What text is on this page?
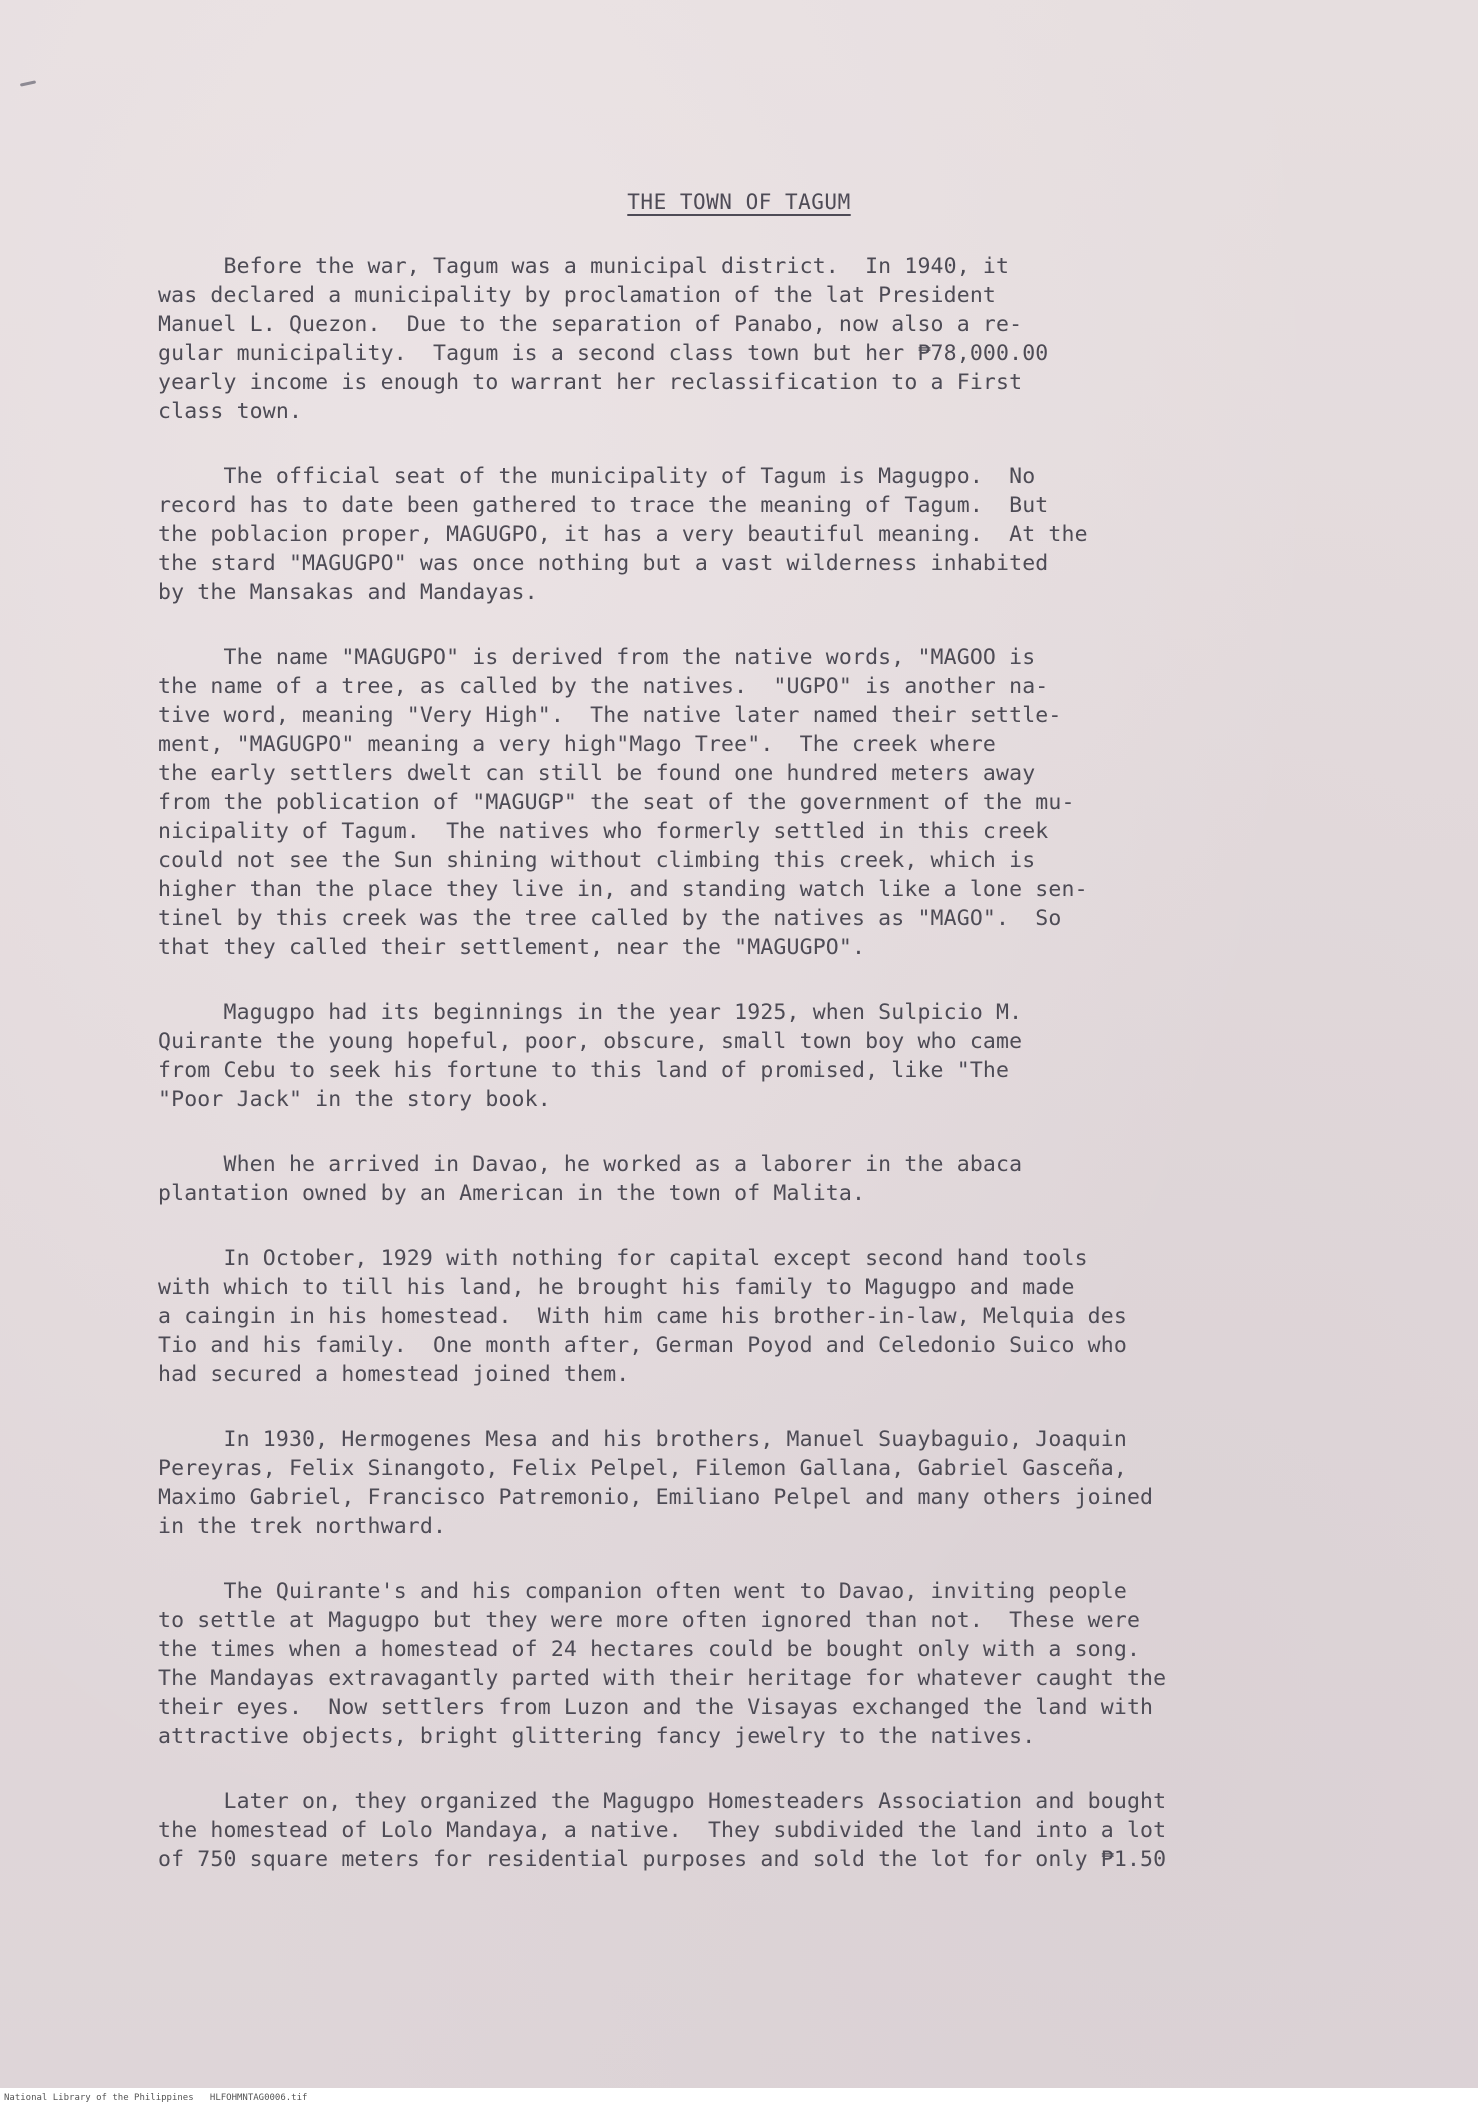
THE TOWN OF TAGUM
Before the war, Tagum was a municipal district.  In 1940, it
was declared a municipality by proclamation of the lat President
Manuel L. Quezon.  Due to the separation of Panabo, now also a re-
gular municipality.  Tagum is a second class town but her ₱78,000.00
yearly income is enough to warrant her reclassification to a First
class town.
The official seat of the municipality of Tagum is Magugpo.  No
record has to date been gathered to trace the meaning of Tagum.  But
the poblacion proper, MAGUGPO, it has a very beautiful meaning.  At the
the stard "MAGUGPO" was once nothing but a vast wilderness inhabited
by the Mansakas and Mandayas.
The name "MAGUGPO" is derived from the native words, "MAGOO is
the name of a tree, as called by the natives.  "UGPO" is another na-
tive word, meaning "Very High".  The native later named their settle-
ment, "MAGUGPO" meaning a very high"Mago Tree".  The creek where
the early settlers dwelt can still be found one hundred meters away
from the poblication of "MAGUGP" the seat of the government of the mu-
nicipality of Tagum.  The natives who formerly settled in this creek
could not see the Sun shining without climbing this creek, which is
higher than the place they live in, and standing watch like a lone sen-
tinel by this creek was the tree called by the natives as "MAGO".  So
that they called their settlement, near the "MAGUGPO".
Magugpo had its beginnings in the year 1925, when Sulpicio M.
Quirante the young hopeful, poor, obscure, small town boy who came
from Cebu to seek his fortune to this land of promised, like "The
"Poor Jack" in the story book.
When he arrived in Davao, he worked as a laborer in the abaca
plantation owned by an American in the town of Malita.
In October, 1929 with nothing for capital except second hand tools
with which to till his land, he brought his family to Magugpo and made
a caingin in his homestead.  With him came his brother-in-law, Melquia des
Tio and his family.  One month after, German Poyod and Celedonio Suico who
had secured a homestead joined them.
In 1930, Hermogenes Mesa and his brothers, Manuel Suaybaguio, Joaquin
Pereyras, Felix Sinangoto, Felix Pelpel, Filemon Gallana, Gabriel Gasceña,
Maximo Gabriel, Francisco Patremonio, Emiliano Pelpel and many others joined
in the trek northward.
The Quirante's and his companion often went to Davao, inviting people
to settle at Magugpo but they were more often ignored than not.  These were
the times when a homestead of 24 hectares could be bought only with a song.
The Mandayas extravagantly parted with their heritage for whatever caught the
their eyes.  Now settlers from Luzon and the Visayas exchanged the land with
attractive objects, bright glittering fancy jewelry to the natives.
Later on, they organized the Magugpo Homesteaders Association and bought
the homestead of Lolo Mandaya, a native.  They subdivided the land into a lot
of 750 square meters for residential purposes and sold the lot for only ₱1.50
National Library of the Philippines   HLFOHMNTAG0006.tif
